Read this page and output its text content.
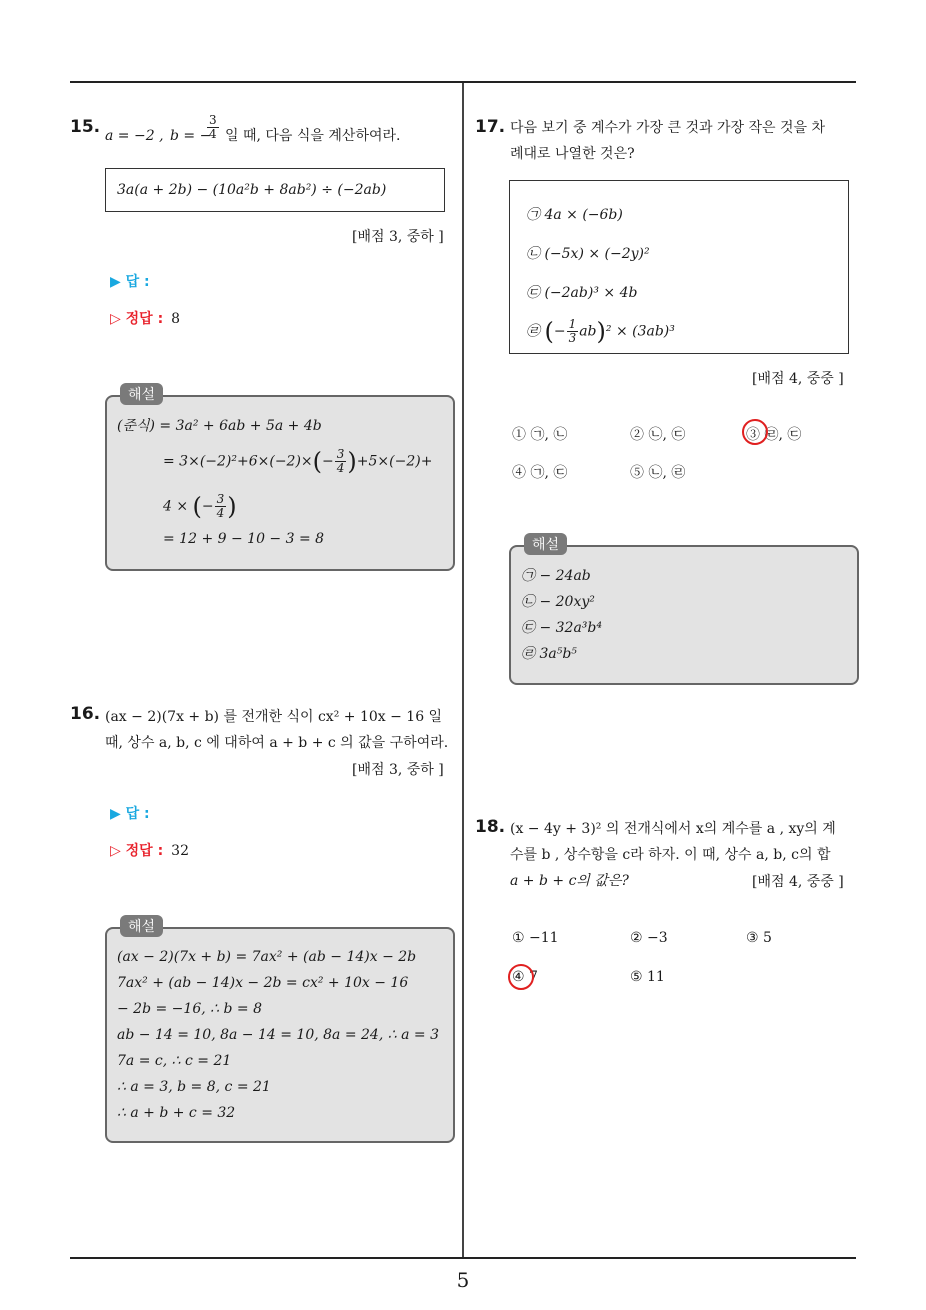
15. a = −2 , b = −
$\frac{3}{4}$ 일 때, 다음 식을 계산하여라.
3a(a + 2b) − (10a²b + 8ab²) ÷ (−2ab)
[배점 3, 중하 ]
▶ 답 :
▷ 정답 : 8
해설
(준식) = 3a² + 6ab + 5a + 4b
= $3\times(-2)^2+6\times(-2)\times(- \frac{3}{4} )+5\times(-2)+$
4 × (− $\frac{3}{4}$ )
= 12 + 9 − 10 − 3 = 8
16. (ax − 2)(7x + b) 를 전개한 식이 cx² + 10x − 16 일
때, 상수 a, b, c 에 대하여 a + b + c 의 값을 구하여라.
[배점 3, 중하 ]
▶ 답 :
▷ 정답 : 32
해설
(ax − 2)(7x + b) = 7ax² + (ab − 14)x − 2b
7ax² + (ab − 14)x − 2b = cx² + 10x − 16
− 2b = −16, ∴ b = 8
ab − 14 = 10, 8a − 14 = 10, 8a = 24, ∴ a = 3
7a = c, ∴ c = 21
∴ a = 3, b = 8, c = 21
∴ a + b + c = 32
17. 다음 보기 중 계수가 가장 큰 것과 가장 작은 것을 차
례대로 나열한 것은?
㉠ 4a × (−6b)
㉡ (−5x) × (−2y)²
㉢ (−2ab)³ × 4b
㉣ (− $\frac{1}{3} ab)^2 \times (3ab)^3$
[배점 4, 중중 ]
① ㉠, ㉡	② ㉡, ㉢	③ ㉣, ㉢
④ ㉠, ㉢	⑤ ㉡, ㉣
해설
㉠ − 24ab
㉡ − 20xy²
㉢ − 32a³b⁴
㉣ 3a⁵b⁵
18. (x − 4y + 3)² 의 전개식에서 x의 계수를 a , xy의 계
수를 b , 상수항을 c라 하자. 이 때, 상수 a, b, c의 합
a + b + c의 값은?	[배점 4, 중중 ]
① −11	② −3	③ 5
④ 7	⑤ 11
5
